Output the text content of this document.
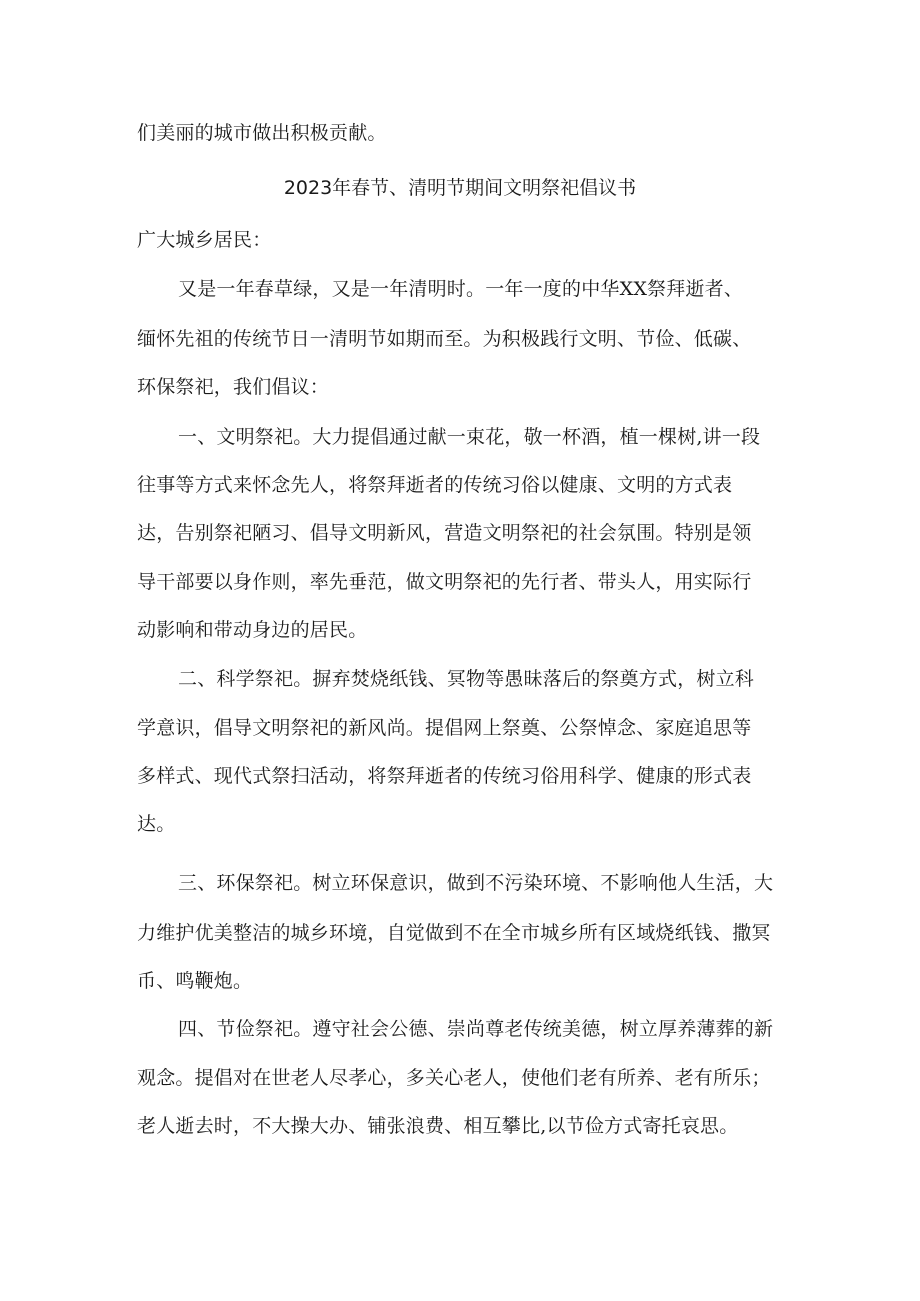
们美丽的城市做出积极贡献。
2023年春节、清明节期间文明祭祀倡议书
广大城乡居民：
又是一年春草绿，又是一年清明时。一年一度的中华XX祭拜逝者、
缅怀先祖的传统节日一清明节如期而至。为积极践行文明、节俭、低碳、
环保祭祀，我们倡议：
一、文明祭祀。大力提倡通过献一束花，敬一杯酒，植一棵树,讲一段
往事等方式来怀念先人，将祭拜逝者的传统习俗以健康、文明的方式表
达，告别祭祀陋习、倡导文明新风，营造文明祭祀的社会氛围。特别是领
导干部要以身作则，率先垂范，做文明祭祀的先行者、带头人，用实际行
动影响和带动身边的居民。
二、科学祭祀。摒弃焚烧纸钱、冥物等愚昧落后的祭奠方式，树立科
学意识，倡导文明祭祀的新风尚。提倡网上祭奠、公祭悼念、家庭追思等
多样式、现代式祭扫活动，将祭拜逝者的传统习俗用科学、健康的形式表
达。
三、环保祭祀。树立环保意识，做到不污染环境、不影响他人生活，大
力维护优美整洁的城乡环境，自觉做到不在全市城乡所有区域烧纸钱、撒冥
币、鸣鞭炮。
四、节俭祭祀。遵守社会公德、崇尚尊老传统美德，树立厚养薄葬的新
观念。提倡对在世老人尽孝心，多关心老人，使他们老有所养、老有所乐；
老人逝去时，不大操大办、铺张浪费、相互攀比,以节俭方式寄托哀思。
